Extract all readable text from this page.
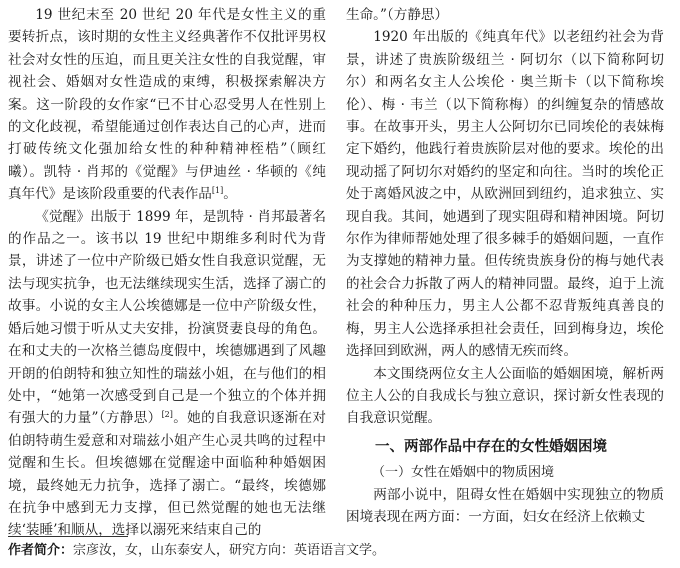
19 世纪末至 20 世纪 20 年代是女性主义的重要转折点，该时期的女性主义经典著作不仅批评男权社会对女性的压迫，而且更关注女性的自我觉醒，审视社会、婚姻对女性造成的束缚，积极探索解决方案。这一阶段的女作家“已不甘心忍受男人在性别上的文化歧视，希望能通过创作表达自己的心声，进而打破传统文化强加给女性的种种精神桎梏”（顾红曦）。凯特 · 肖邦的《觉醒》与伊迪丝 · 华顿的《纯真年代》是该阶段重要的代表作品[1]。

《觉醒》出版于 1899 年，是凯特 · 肖邦最著名的作品之一。该书以 19 世纪中期维多利时代为背景，讲述了一位中产阶级已婚女性自我意识觉醒，无法与现实抗争，也无法继续现实生活，选择了溺亡的故事。小说的女主人公埃德娜是一位中产阶级女性，婚后她习惯于听从丈夫安排，扮演贤妻良母的角色。在和丈夫的一次格兰德岛度假中，埃德娜遇到了风趣开朗的伯朗特和独立知性的瑞兹小姐，在与他们的相处中，“她第一次感受到自己是一个独立的个体并拥有强大的力量”（方静思）[2]。她的自我意识逐渐在对伯朗特萌生爱意和对瑞兹小姐产生心灵共鸣的过程中觉醒和生长。但埃德娜在觉醒途中面临种种婚姻困境，最终她无力抗争，选择了溺亡。“最终，埃德娜在抗争中感到无力支撑，但已然觉醒的她也无法继续‘装睡’和顺从，选择以溺死来结束自己的

生命。”（方静思）

1920 年出版的《纯真年代》以老纽约社会为背景，讲述了贵族阶级纽兰 · 阿切尔（以下简称阿切尔）和两名女主人公埃伦 · 奥兰斯卡（以下简称埃伦）、梅 · 韦兰（以下简称梅）的纠缠复杂的情感故事。在故事开头，男主人公阿切尔已同埃伦的表妹梅定下婚约，他践行着贵族阶层对他的要求。埃伦的出现动摇了阿切尔对婚约的坚定和向往。当时的埃伦正处于离婚风波之中，从欧洲回到纽约，追求独立、实现自我。其间，她遇到了现实阻碍和精神困境。阿切尔作为律师帮她处理了很多棘手的婚姻问题，一直作为支撑她的精神力量。但传统贵族身份的梅与她代表的社会合力拆散了两人的精神同盟。最终，迫于上流社会的种种压力，男主人公都不忍背叛纯真善良的梅，男主人公选择承担社会责任，回到梅身边，埃伦选择回到欧洲，两人的感情无疾而终。

本文围绕两位女主人公面临的婚姻困境，解析两位主人公的自我成长与独立意识，探讨新女性表现的自我意识觉醒。

一、两部作品中存在的女性婚姻困境
（一）女性在婚姻中的物质困境

两部小说中，阻碍女性在婚姻中实现独立的物质困境表现在两方面：一方面，妇女在经济上依赖丈

作者简介：宗彦汝，女，山东泰安人，研究方向：英语语言文学。
